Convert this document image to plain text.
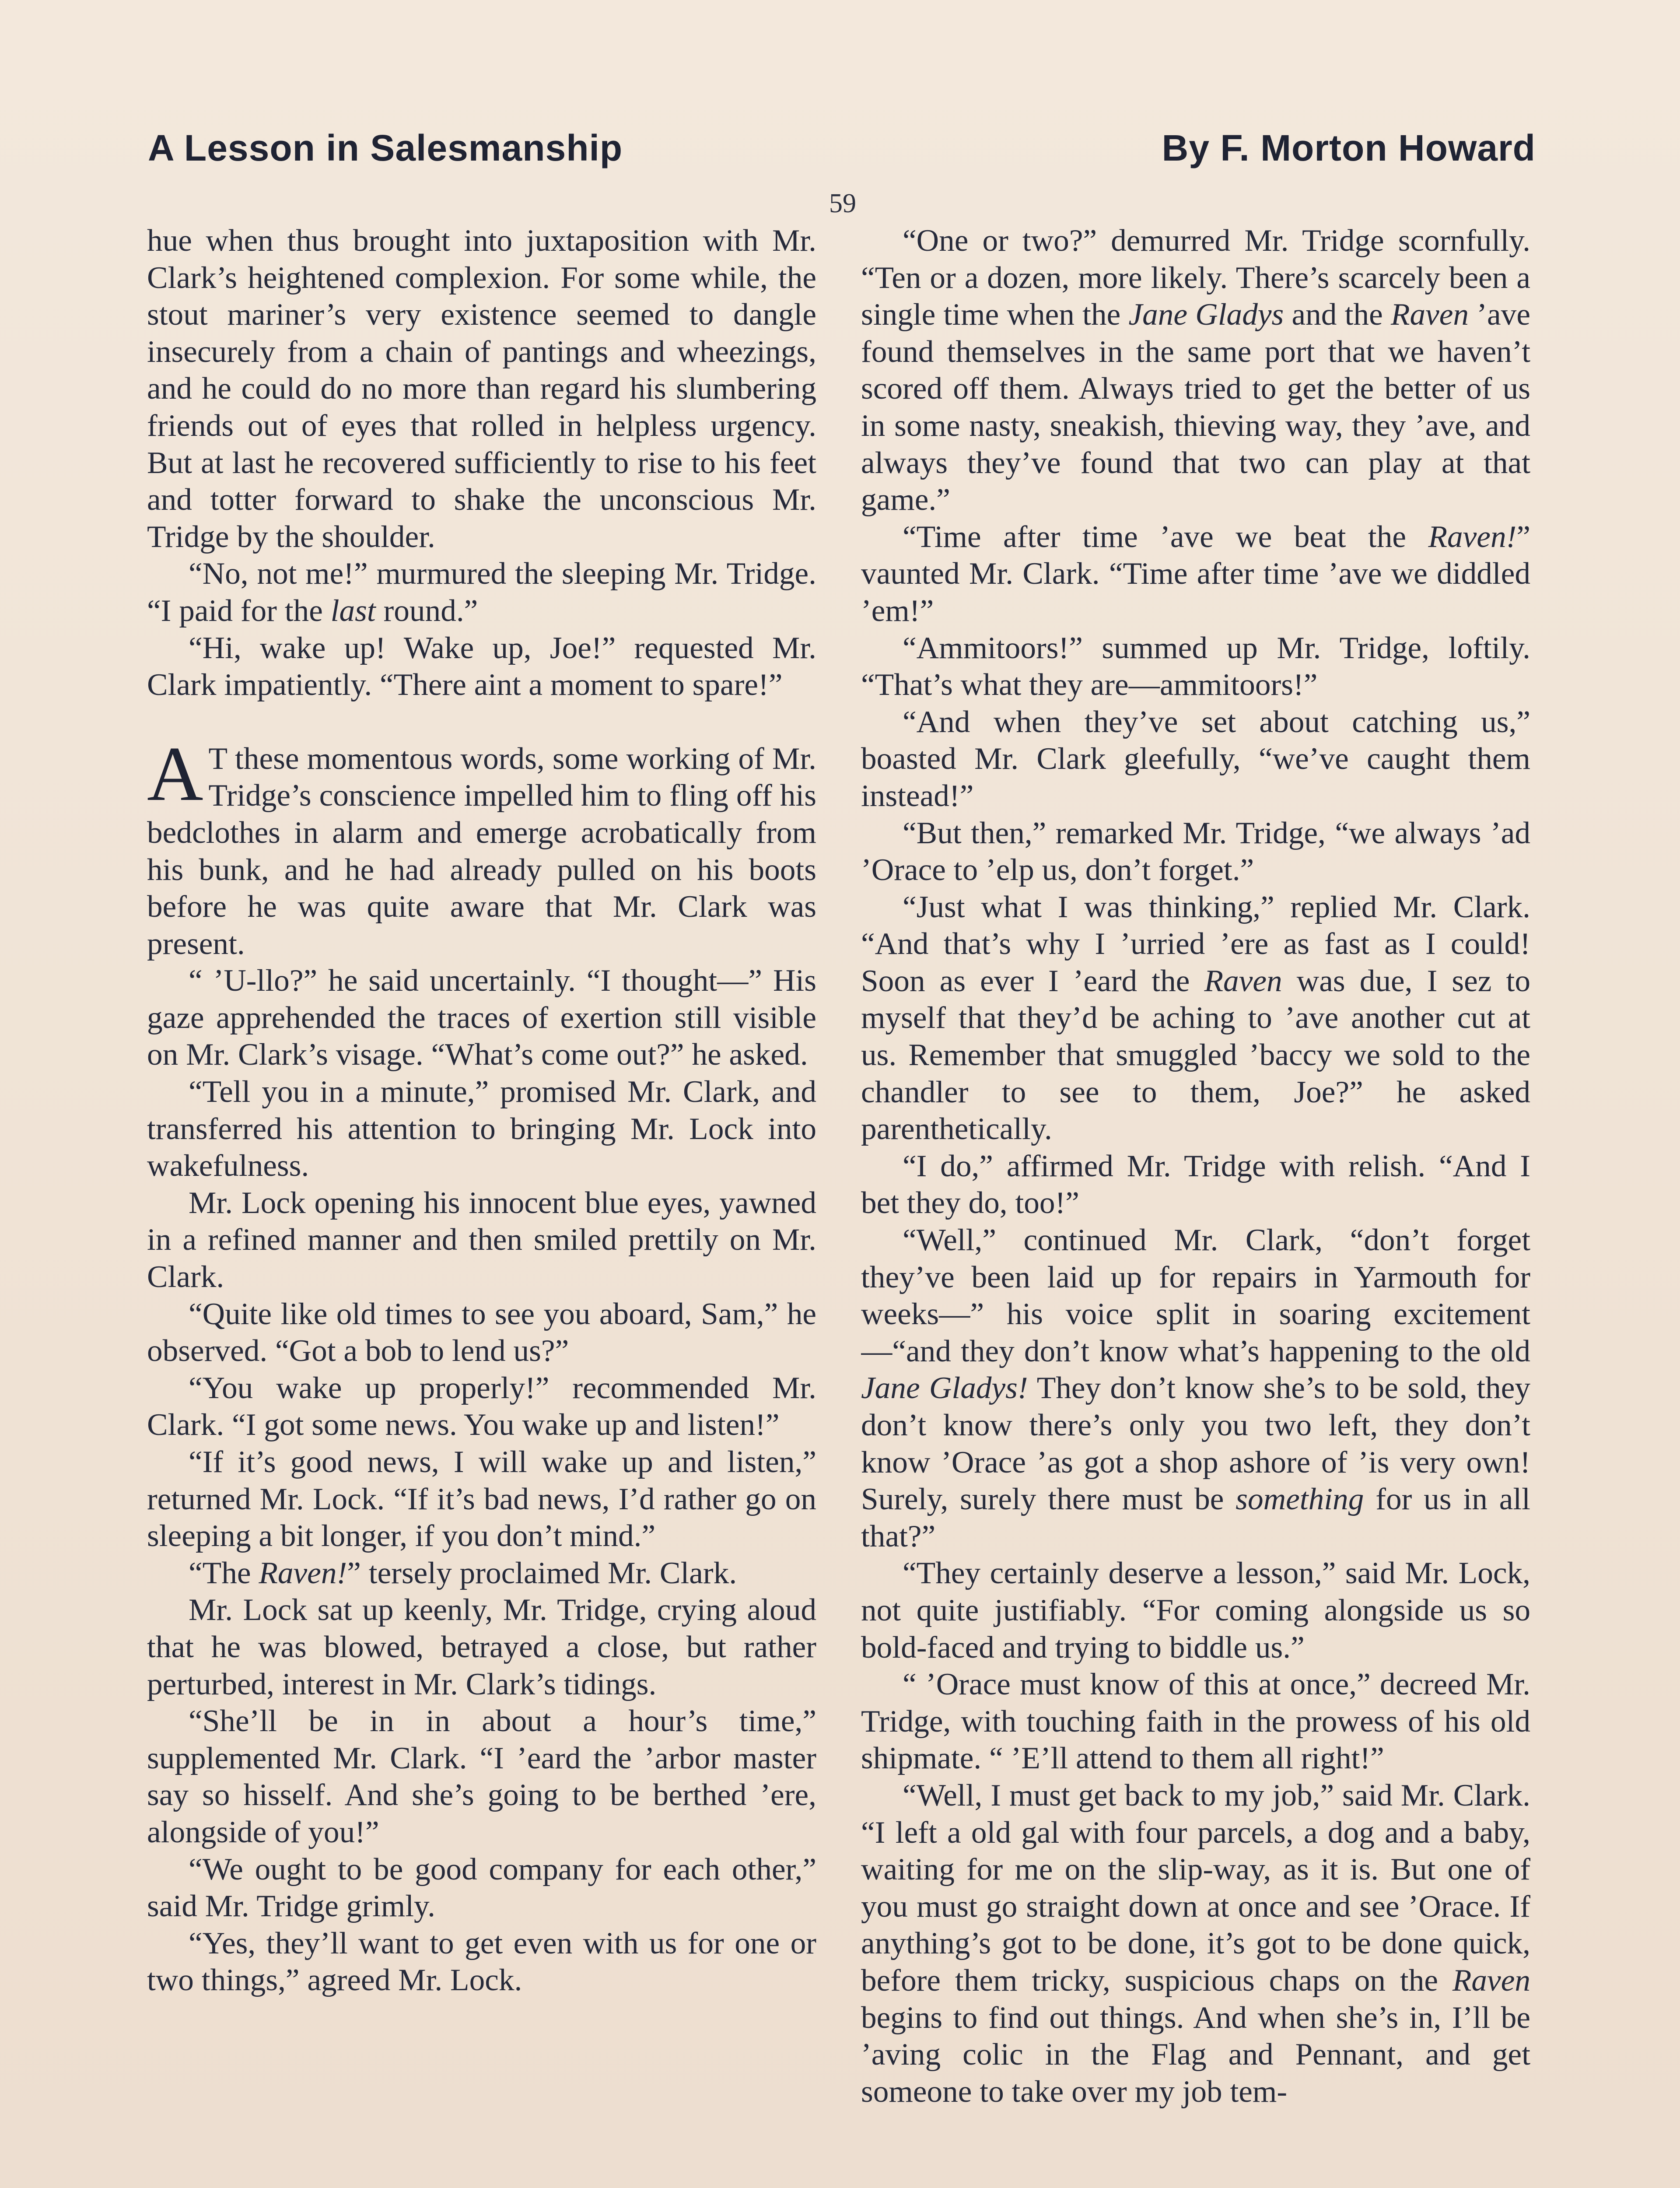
A Lesson in Salesmanship	By F. Morton Howard
59

hue when thus brought into juxtaposition with Mr. Clark’s heightened complexion. For some while, the stout mariner’s very existence seemed to dangle insecurely from a chain of pantings and wheezings, and he could do no more than regard his slumbering friends out of eyes that rolled in helpless urgency. But at last he recovered sufficiently to rise to his feet and totter forward to shake the unconscious Mr. Tridge by the shoulder.

“No, not me!” murmured the sleeping Mr. Tridge. “I paid for the last round.”

“Hi, wake up! Wake up, Joe!” requested Mr. Clark impatiently. “There aint a moment to spare!”

A T these momentous words, some working of Mr. Tridge’s conscience impelled him to fling off his bedclothes in alarm and emerge acrobatically from his bunk, and he had already pulled on his boots before he was quite aware that Mr. Clark was present.

“ ’U-llo?” he said uncertainly. “I thought—” His gaze apprehended the traces of exertion still visible on Mr. Clark’s visage. “What’s come out?” he asked.

“Tell you in a minute,” promised Mr. Clark, and transferred his attention to bringing Mr. Lock into wakefulness.

Mr. Lock opening his innocent blue eyes, yawned in a refined manner and then smiled prettily on Mr. Clark.

“Quite like old times to see you aboard, Sam,” he observed. “Got a bob to lend us?”

“You wake up properly!” recommended Mr. Clark. “I got some news. You wake up and listen!”

“If it’s good news, I will wake up and listen,” returned Mr. Lock. “If it’s bad news, I’d rather go on sleeping a bit longer, if you don’t mind.”

“The Raven!” tersely proclaimed Mr. Clark.

Mr. Lock sat up keenly, Mr. Tridge, crying aloud that he was blowed, betrayed a close, but rather perturbed, interest in Mr. Clark’s tidings.

“She’ll be in in about a hour’s time,” supplemented Mr. Clark. “I ’eard the ’arbor master say so hisself. And she’s going to be berthed ’ere, alongside of you!”

“We ought to be good company for each other,” said Mr. Tridge grimly.

“Yes, they’ll want to get even with us for one or two things,” agreed Mr. Lock.

“One or two?” demurred Mr. Tridge scornfully. “Ten or a dozen, more likely. There’s scarcely been a single time when the Jane Gladys and the Raven ’ave found themselves in the same port that we haven’t scored off them. Always tried to get the better of us in some nasty, sneakish, thieving way, they ’ave, and always they’ve found that two can play at that game.”

“Time after time ’ave we beat the Raven!” vaunted Mr. Clark. “Time after time ’ave we diddled ’em!”

“Ammitoors!” summed up Mr. Tridge, loftily. “That’s what they are—ammitoors!”

“And when they’ve set about catching us,” boasted Mr. Clark gleefully, “we’ve caught them instead!”

“But then,” remarked Mr. Tridge, “we always ’ad ’Orace to ’elp us, don’t forget.”

“Just what I was thinking,” replied Mr. Clark. “And that’s why I ’urried ’ere as fast as I could! Soon as ever I ’eard the Raven was due, I sez to myself that they’d be aching to ’ave another cut at us. Remember that smuggled ’baccy we sold to the chandler to see to them, Joe?” he asked parenthetically.

“I do,” affirmed Mr. Tridge with relish. “And I bet they do, too!”

“Well,” continued Mr. Clark, “don’t forget they’ve been laid up for repairs in Yarmouth for weeks—” his voice split in soaring excitement—“and they don’t know what’s happening to the old Jane Gladys! They don’t know she’s to be sold, they don’t know there’s only you two left, they don’t know ’Orace ’as got a shop ashore of ’is very own! Surely, surely there must be something for us in all that?”

“They certainly deserve a lesson,” said Mr. Lock, not quite justifiably. “For coming alongside us so bold-faced and trying to biddle us.”

“ ’Orace must know of this at once,” decreed Mr. Tridge, with touching faith in the prowess of his old shipmate. “ ’E’ll attend to them all right!”

“Well, I must get back to my job,” said Mr. Clark. “I left a old gal with four parcels, a dog and a baby, waiting for me on the slip-way, as it is. But one of you must go straight down at once and see ’Orace. If anything’s got to be done, it’s got to be done quick, before them tricky, suspicious chaps on the Raven begins to find out things. And when she’s in, I’ll be ’aving colic in the Flag and Pennant, and get someone to take over my job tem-
